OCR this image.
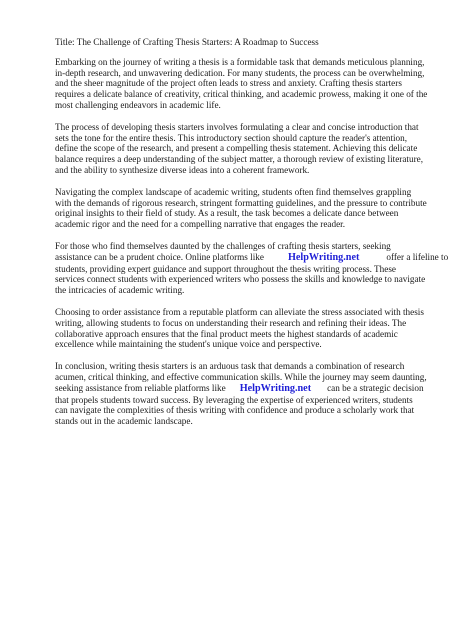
Title: The Challenge of Crafting Thesis Starters: A Roadmap to Success
Embarking on the journey of writing a thesis is a formidable task that demands meticulous planning,
in-depth research, and unwavering dedication. For many students, the process can be overwhelming,
and the sheer magnitude of the project often leads to stress and anxiety. Crafting thesis starters
requires a delicate balance of creativity, critical thinking, and academic prowess, making it one of the
most challenging endeavors in academic life.
The process of developing thesis starters involves formulating a clear and concise introduction that
sets the tone for the entire thesis. This introductory section should capture the reader's attention,
define the scope of the research, and present a compelling thesis statement. Achieving this delicate
balance requires a deep understanding of the subject matter, a thorough review of existing literature,
and the ability to synthesize diverse ideas into a coherent framework.
Navigating the complex landscape of academic writing, students often find themselves grappling
with the demands of rigorous research, stringent formatting guidelines, and the pressure to contribute
original insights to their field of study. As a result, the task becomes a delicate dance between
academic rigor and the need for a compelling narrative that engages the reader.
For those who find themselves daunted by the challenges of crafting thesis starters, seeking
assistance can be a prudent choice. Online platforms like HelpWriting.net	offer a lifeline to
students, providing expert guidance and support throughout the thesis writing process. These
services connect students with experienced writers who possess the skills and knowledge to navigate
the intricacies of academic writing.
Choosing to order assistance from a reputable platform can alleviate the stress associated with thesis
writing, allowing students to focus on understanding their research and refining their ideas. The
collaborative approach ensures that the final product meets the highest standards of academic
excellence while maintaining the student's unique voice and perspective.
In conclusion, writing thesis starters is an arduous task that demands a combination of research
acumen, critical thinking, and effective communication skills. While the journey may seem daunting,
seeking assistance from reliable platforms like HelpWriting.net can be a strategic decision
that propels students toward success. By leveraging the expertise of experienced writers, students
can navigate the complexities of thesis writing with confidence and produce a scholarly work that
stands out in the academic landscape.
